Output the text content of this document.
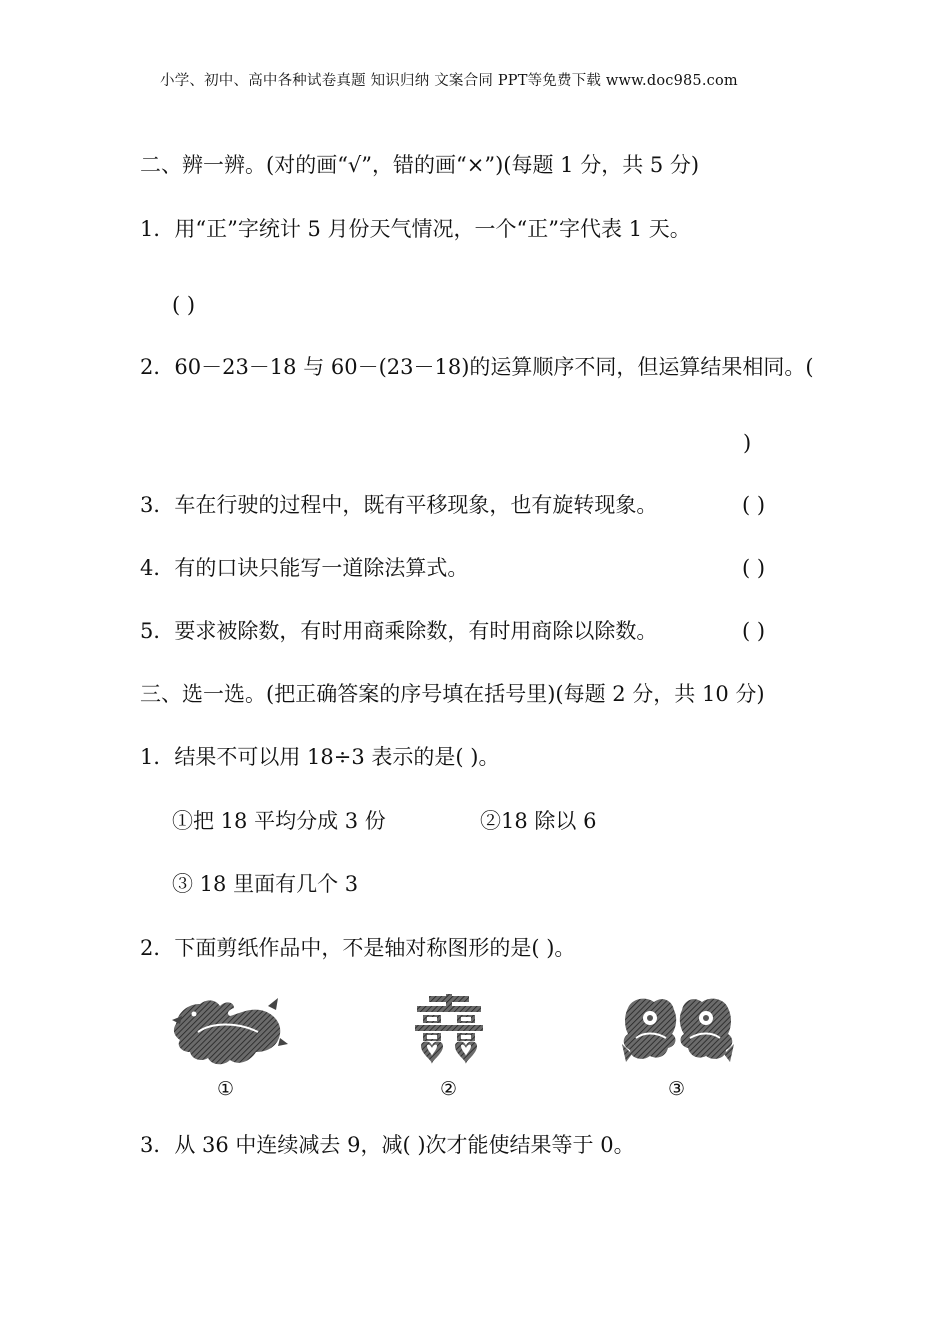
小学、初中、高中各种试卷真题 知识归纳 文案合同 PPT等免费下载 www.doc985.com
二、辨一辨。(对的画“√”，错的画“×”)(每题 1 分，共 5 分)
1．用“正”字统计 5 月份天气情况，一个“正”字代表 1 天。
( )
2．60－23－18 与 60－(23－18)的运算顺序不同，但运算结果相同。(
)
3．车在行驶的过程中，既有平移现象，也有旋转现象。	( )
4．有的口诀只能写一道除法算式。	( )
5．要求被除数，有时用商乘除数，有时用商除以除数。	( )
三、选一选。(把正确答案的序号填在括号里)(每题 2 分，共 10 分)
1．结果不可以用 18÷3 表示的是( )。
①把 18 平均分成 3 份	②18 除以 6
③ 18 里面有几个 3
2．下面剪纸作品中，不是轴对称图形的是( )。
①	②	③
3．从 36 中连续减去 9，减( )次才能使结果等于 0。
